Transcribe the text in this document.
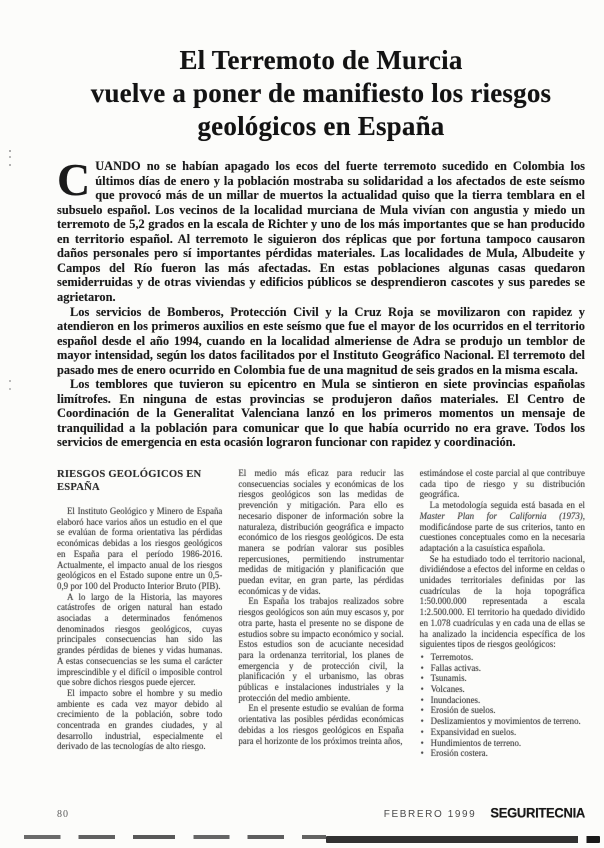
El Terremoto de Murcia
vuelve a poner de manifiesto los riesgos
geológicos en España

CUANDO no se habían apagado los ecos del fuerte terremoto sucedido en Colombia los últimos días de enero y la población mostraba su solidaridad a los afectados de este seísmo que provocó más de un millar de muertos la actualidad quiso que la tierra temblara en el subsuelo español. Los vecinos de la localidad murciana de Mula vivían con angustia y miedo un terremoto de 5,2 grados en la escala de Richter y uno de los más importantes que se han producido en territorio español. Al terremoto le siguieron dos réplicas que por fortuna tampoco causaron daños personales pero sí importantes pérdidas materiales. Las localidades de Mula, Albudeite y Campos del Río fueron las más afectadas. En estas poblaciones algunas casas quedaron semiderruidas y de otras viviendas y edificios públicos se desprendieron cascotes y sus paredes se agrietaron.

Los servicios de Bomberos, Protección Civil y la Cruz Roja se movilizaron con rapidez y atendieron en los primeros auxilios en este seísmo que fue el mayor de los ocurridos en el territorio español desde el año 1994, cuando en la localidad almeriense de Adra se produjo un temblor de mayor intensidad, según los datos facilitados por el Instituto Geográfico Nacional. El terremoto del pasado mes de enero ocurrido en Colombia fue de una magnitud de seis grados en la misma escala.

Los temblores que tuvieron su epicentro en Mula se sintieron en siete provincias españolas limítrofes. En ninguna de estas provincias se produjeron daños materiales. El Centro de Coordinación de la Generalitat Valenciana lanzó en los primeros momentos un mensaje de tranquilidad a la población para comunicar que lo que había ocurrido no era grave. Todos los servicios de emergencia en esta ocasión lograron funcionar con rapidez y coordinación.

RIESGOS GEOLÓGICOS EN ESPAÑA

El Instituto Geológico y Minero de España elaboró hace varios años un estudio en el que se evalúan de forma orientativa las pérdidas económicas debidas a los riesgos geológicos en España para el período 1986-2016. Actualmente, el impacto anual de los riesgos geológicos en el Estado supone entre un 0,5-0,9 por 100 del Producto Interior Bruto (PIB).

A lo largo de la Historia, las mayores catástrofes de origen natural han estado asociadas a determinados fenómenos denominados riesgos geológicos, cuyas principales consecuencias han sido las grandes pérdidas de bienes y vidas humanas. A estas consecuencias se les suma el carácter imprescindible y el difícil o imposible control que sobre dichos riesgos puede ejercer.

El impacto sobre el hombre y su medio ambiente es cada vez mayor debido al crecimiento de la población, sobre todo concentrada en grandes ciudades, y al desarrollo industrial, especialmente el derivado de las tecnologías de alto riesgo.

El medio más eficaz para reducir las consecuencias sociales y económicas de los riesgos geológicos son las medidas de prevención y mitigación. Para ello es necesario disponer de información sobre la naturaleza, distribución geográfica e impacto económico de los riesgos geológicos. De esta manera se podrían valorar sus posibles repercusiones, permitiendo instrumentar medidas de mitigación y planificación que puedan evitar, en gran parte, las pérdidas económicas y de vidas.

En España los trabajos realizados sobre riesgos geológicos son aún muy escasos y, por otra parte, hasta el presente no se dispone de estudios sobre su impacto económico y social. Estos estudios son de acuciante necesidad para la ordenanza territorial, los planes de emergencia y de protección civil, la planificación y el urbanismo, las obras públicas e instalaciones industriales y la protección del medio ambiente.

En el presente estudio se evalúan de forma orientativa las posibles pérdidas económicas debidas a los riesgos geológicos en España para el horizonte de los próximos treinta años,

estimándose el coste parcial al que contribuye cada tipo de riesgo y su distribución geográfica.

La metodología seguida está basada en el Master Plan for California (1973), modificándose parte de sus criterios, tanto en cuestiones conceptuales como en la necesaria adaptación a la casuística española.

Se ha estudiado todo el territorio nacional, dividiéndose a efectos del informe en celdas o unidades territoriales definidas por las cuadrículas de la hoja topográfica 1:50.000.000 representada a escala 1:2.500.000. El territorio ha quedado dividido en 1.078 cuadrículas y en cada una de ellas se ha analizado la incidencia específica de los siguientes tipos de riesgos geológicos:

• Terremotos.
• Fallas activas.
• Tsunamis.
• Volcanes.
• Inundaciones.
• Erosión de suelos.
• Deslizamientos y movimientos de terreno.
• Expansividad en suelos.
• Hundimientos de terreno.
• Erosión costera.
80	FEBRERO 1999 SEGURITECNIA
